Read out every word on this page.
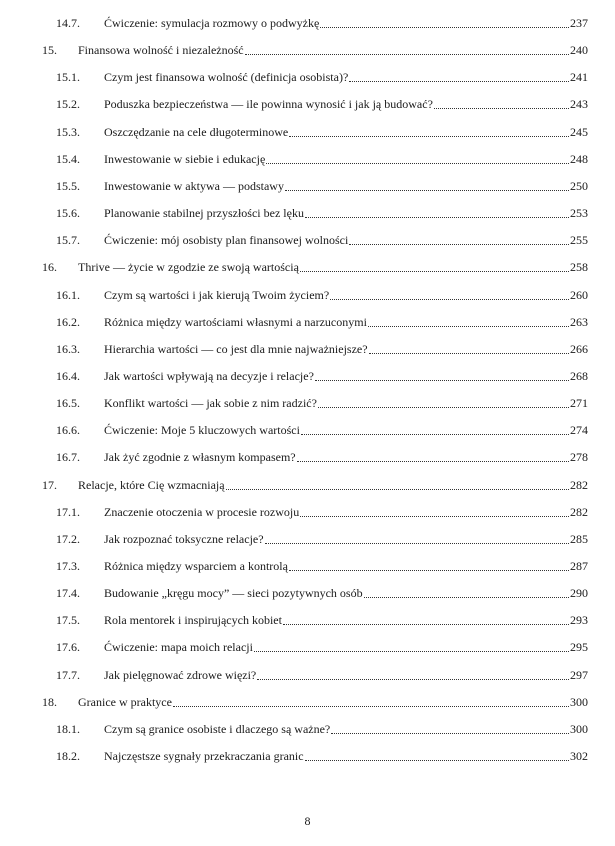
14.7. Ćwiczenie: symulacja rozmowy o podwyżkę	237
15. Finansowa wolność i niezależność	240
15.1. Czym jest finansowa wolność (definicja osobista)?	241
15.2. Poduszka bezpieczeństwa — ile powinna wynosić i jak ją budować?	243
15.3. Oszczędzanie na cele długoterminowe	245
15.4. Inwestowanie w siebie i edukację	248
15.5. Inwestowanie w aktywa — podstawy	250
15.6. Planowanie stabilnej przyszłości bez lęku	253
15.7. Ćwiczenie: mój osobisty plan finansowej wolności	255
16. Thrive — życie w zgodzie ze swoją wartością	258
16.1. Czym są wartości i jak kierują Twoim życiem?	260
16.2. Różnica między wartościami własnymi a narzuconymi	263
16.3. Hierarchia wartości — co jest dla mnie najważniejsze?	266
16.4. Jak wartości wpływają na decyzje i relacje?	268
16.5. Konflikt wartości — jak sobie z nim radzić?	271
16.6. Ćwiczenie: Moje 5 kluczowych wartości	274
16.7. Jak żyć zgodnie z własnym kompasem?	278
17. Relacje, które Cię wzmacniają	282
17.1. Znaczenie otoczenia w procesie rozwoju	282
17.2. Jak rozpoznać toksyczne relacje?	285
17.3. Różnica między wsparciem a kontrolą	287
17.4. Budowanie „kręgu mocy” — sieci pozytywnych osób	290
17.5. Rola mentorek i inspirujących kobiet	293
17.6. Ćwiczenie: mapa moich relacji	295
17.7. Jak pielęgnować zdrowe więzi?	297
18. Granice w praktyce	300
18.1. Czym są granice osobiste i dlaczego są ważne?	300
18.2. Najczęstsze sygnały przekraczania granic	302
8
